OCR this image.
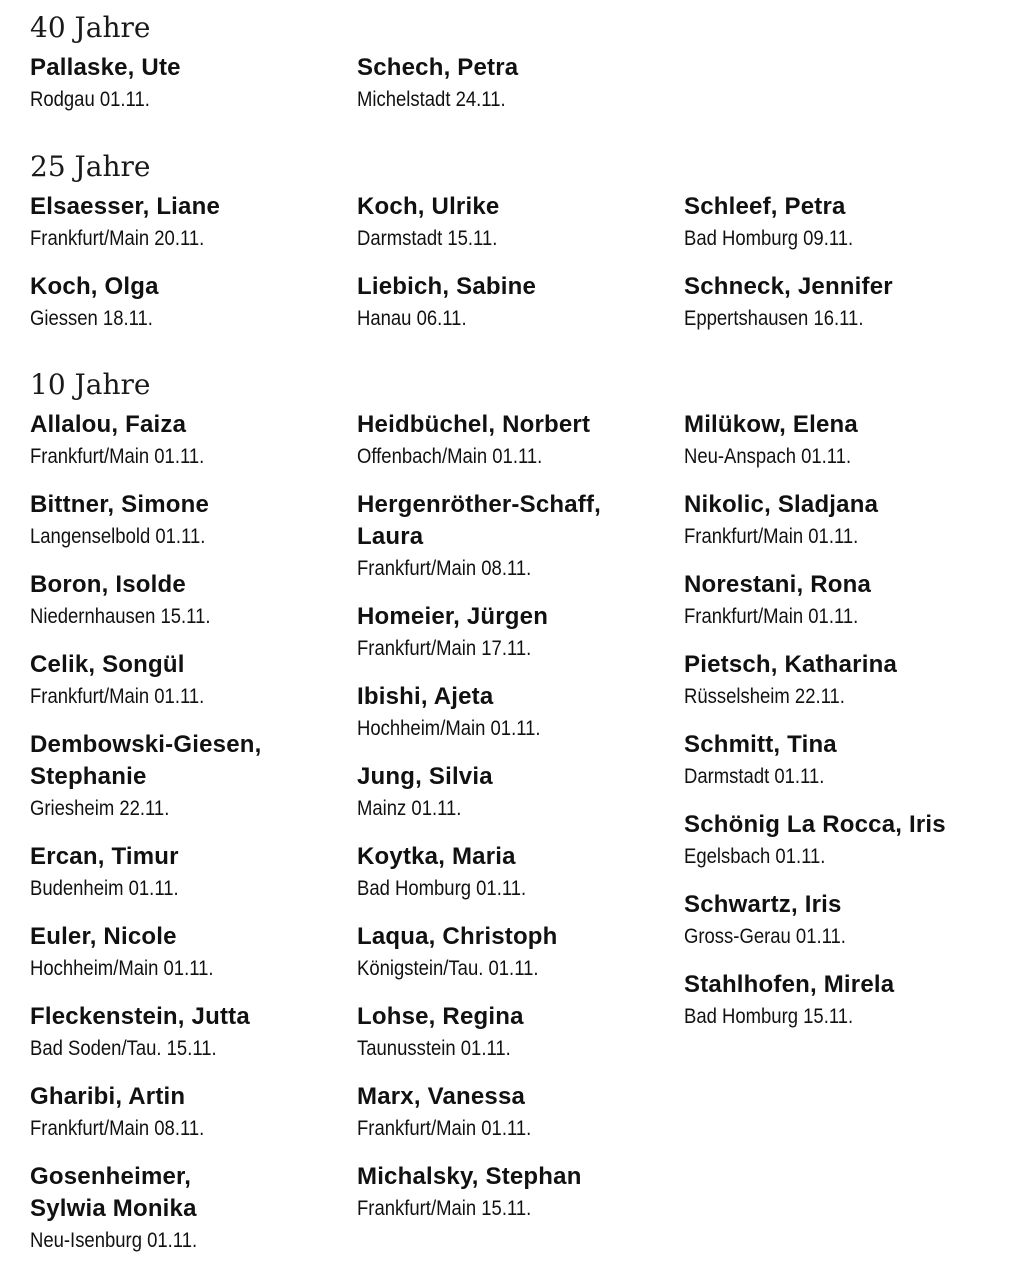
40 Jahre
Pallaske, Ute
Rodgau 01.11.
Schech, Petra
Michelstadt 24.11.
25 Jahre
Elsaesser, Liane
Frankfurt/Main 20.11.
Koch, Olga
Giessen 18.11.
Koch, Ulrike
Darmstadt 15.11.
Liebich, Sabine
Hanau 06.11.
Schleef, Petra
Bad Homburg 09.11.
Schneck, Jennifer
Eppertshausen 16.11.
10 Jahre
Allalou, Faiza
Frankfurt/Main 01.11.
Bittner, Simone
Langenselbold 01.11.
Boron, Isolde
Niedernhausen 15.11.
Celik, Songül
Frankfurt/Main 01.11.
Dembowski-Giesen, Stephanie
Griesheim 22.11.
Ercan, Timur
Budenheim 01.11.
Euler, Nicole
Hochheim/Main 01.11.
Fleckenstein, Jutta
Bad Soden/Tau. 15.11.
Gharibi, Artin
Frankfurt/Main 08.11.
Gosenheimer, Sylwia Monika
Neu-Isenburg 01.11.
Heidbüchel, Norbert
Offenbach/Main 01.11.
Hergenröther-Schaff, Laura
Frankfurt/Main 08.11.
Homeier, Jürgen
Frankfurt/Main 17.11.
Ibishi, Ajeta
Hochheim/Main 01.11.
Jung, Silvia
Mainz 01.11.
Koytka, Maria
Bad Homburg 01.11.
Laqua, Christoph
Königstein/Tau. 01.11.
Lohse, Regina
Taunusstein 01.11.
Marx, Vanessa
Frankfurt/Main 01.11.
Michalsky, Stephan
Frankfurt/Main 15.11.
Milükow, Elena
Neu-Anspach 01.11.
Nikolic, Sladjana
Frankfurt/Main 01.11.
Norestani, Rona
Frankfurt/Main 01.11.
Pietsch, Katharina
Rüsselsheim 22.11.
Schmitt, Tina
Darmstadt 01.11.
Schönig La Rocca, Iris
Egelsbach 01.11.
Schwartz, Iris
Gross-Gerau 01.11.
Stahlhofen, Mirela
Bad Homburg 15.11.
